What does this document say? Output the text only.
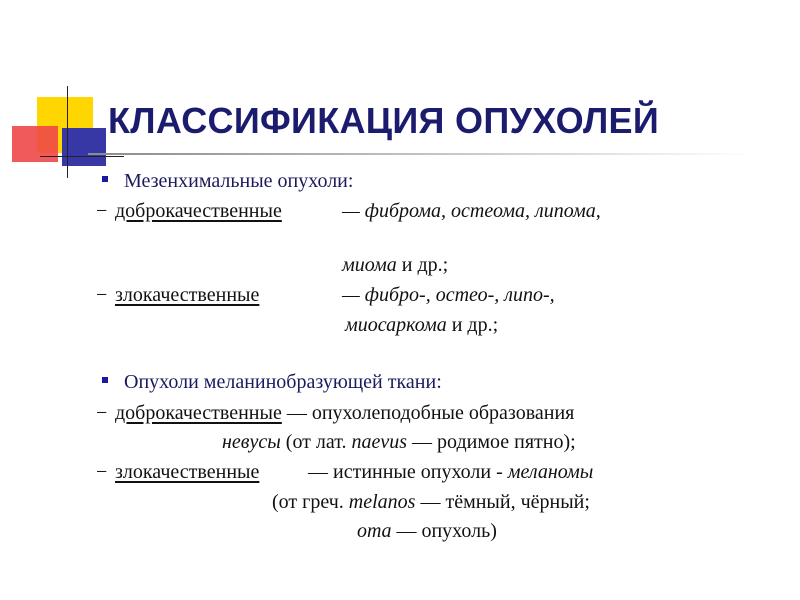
КЛАССИФИКАЦИЯ ОПУХОЛЕЙ
Мезенхимальные опухоли:
− доброкачественные	— фиброма, остеома, липома,
миома и др.;
− злокачественные	— фибро-, остео-, липо-,
миосаркома и др.;
Опухоли меланинобразующей ткани:
− доброкачественные — опухолеподобные образования
невусы (от лат. naevus — родимое пятно);
− злокачественные — истинные опухоли - меланомы
(от греч. melanos — тёмный, чёрный;
oma — опухоль)
